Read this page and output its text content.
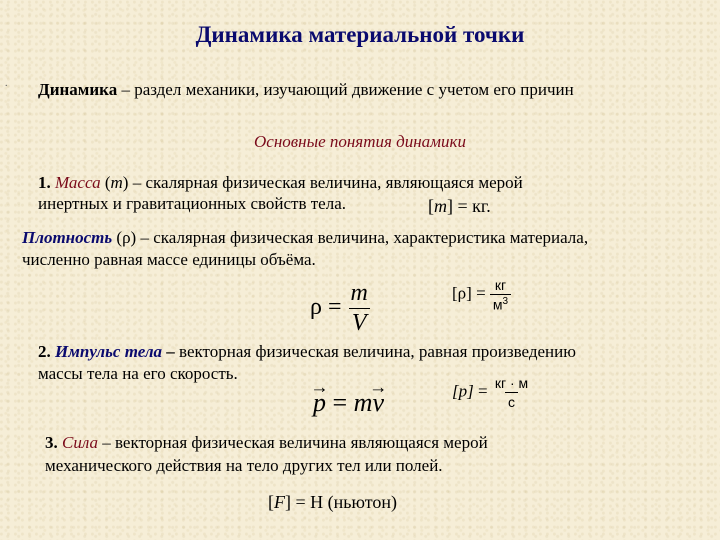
.
Динамика материальной точки
Динамика – раздел механики, изучающий движение с учетом его причин
Основные понятия динамики
1. Масса (m) – скалярная физическая величина, являющаяся мерой
инертных и гравитационных свойств тела.	[m] = кг.
Плотность (ρ) – скалярная физическая величина, характеристика материала,
численно равная массе единицы объёма.
$\rho = \frac{m}{V}$	$[\rho] = \frac{кг}{м^3}$
2. Импульс тела – векторная физическая величина, равная произведению
массы тела на его скорость.
→ p = m→ v	$[p] = \frac{кг \cdot м}{с}$
3. Сила – векторная физическая величина являющаяся мерой
механического действия на тело других тел или полей.
[F] = Н (ньютон)
